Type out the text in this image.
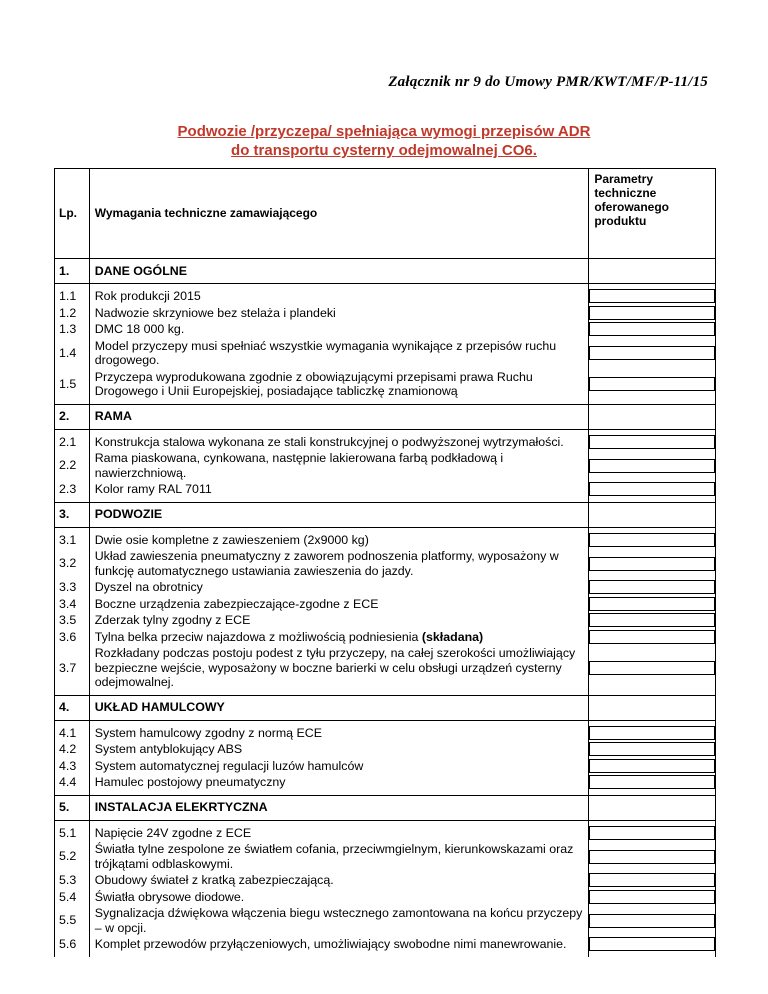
Załącznik nr 9 do Umowy PMR/KWT/MF/P-11/15
Podwozie /przyczepa/ spełniająca wymogi przepisów ADR
do transportu cysterny odejmowalnej CO6.
Lp.	Wymagania techniczne zamawiającego	Parametry techniczne oferowanego produktu
1.	DANE OGÓLNE	

1.1	Rok produkcji 2015	

1.2	Nadwozie skrzyniowe bez stelaża i plandeki	

1.3	DMC 18 000 kg.	

1.4	Model przyczepy musi spełniać wszystkie wymagania wynikające z przepisów ruchu drogowego.	

1.5	Przyczepa wyprodukowana zgodnie z obowiązującymi przepisami prawa Ruchu Drogowego i Unii Europejskiej, posiadające tabliczkę znamionową	

2.	RAMA	

2.1	Konstrukcja stalowa wykonana ze stali konstrukcyjnej o podwyższonej wytrzymałości.	

2.2	Rama piaskowana, cynkowana, następnie lakierowana farbą podkładową i nawierzchniową.	

2.3	Kolor ramy RAL 7011	

3.	PODWOZIE	

3.1	Dwie osie kompletne z zawieszeniem (2x9000 kg)	

3.2	Układ zawieszenia pneumatyczny z zaworem podnoszenia platformy, wyposażony w funkcję automatycznego ustawiania zawieszenia do jazdy.	

3.3	Dyszel na obrotnicy	

3.4	Boczne urządzenia zabezpieczające-zgodne z ECE	

3.5	Zderzak tylny zgodny z ECE	

3.6	Tylna belka przeciw najazdowa z możliwością podniesienia (składana)	

3.7	Rozkładany podczas postoju podest z tyłu przyczepy, na całej szerokości umożliwiający bezpieczne wejście, wyposażony w boczne barierki w celu obsługi urządzeń cysterny odejmowalnej.	

4.	UKŁAD HAMULCOWY	

4.1	System hamulcowy zgodny z normą ECE	

4.2	System antyblokujący ABS	

4.3	System automatycznej regulacji luzów hamulców	

4.4	Hamulec postojowy pneumatyczny	

5.	INSTALACJA ELEKRTYCZNA	

5.1	Napięcie 24V zgodne z ECE	

5.2	Światła tylne zespolone ze światłem cofania, przeciwmgielnym, kierunkowskazami oraz trójkątami odblaskowymi.	

5.3	Obudowy świateł z kratką zabezpieczającą.	

5.4	Światła obrysowe diodowe.	

5.5	Sygnalizacja dźwiękowa włączenia biegu wstecznego zamontowana na końcu przyczepy – w opcji.	

5.6	Komplet przewodów przyłączeniowych, umożliwiający swobodne nimi manewrowanie.	
